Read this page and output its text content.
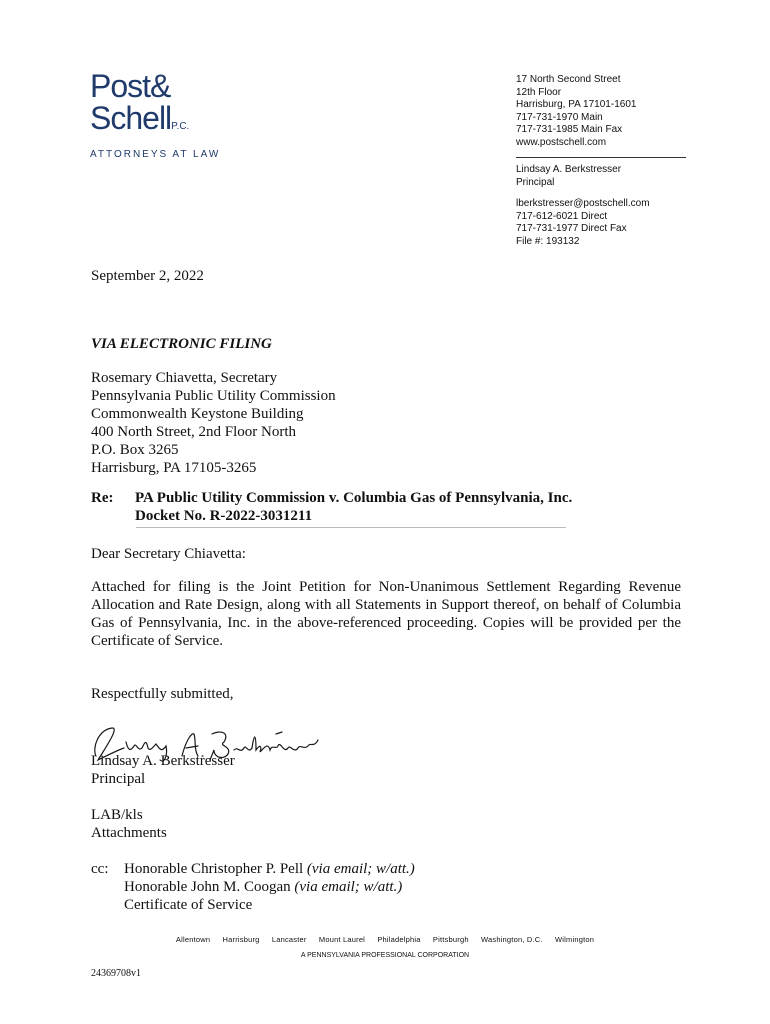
Post&
SchellP.C.
ATTORNEYS AT LAW
17 North Second Street
12th Floor
Harrisburg, PA 17101-1601
717-731-1970 Main
717-731-1985 Main Fax
www.postschell.com
Lindsay A. Berkstresser
Principal
lberkstresser@postschell.com
717-612-6021 Direct
717-731-1977 Direct Fax
File #: 193132
September 2, 2022
VIA ELECTRONIC FILING
Rosemary Chiavetta, Secretary
Pennsylvania Public Utility Commission
Commonwealth Keystone Building
400 North Street, 2nd Floor North
P.O. Box 3265
Harrisburg, PA 17105-3265
Re: PA Public Utility Commission v. Columbia Gas of Pennsylvania, Inc.
Docket No. R-2022-3031211
Dear Secretary Chiavetta:
Attached for filing is the Joint Petition for Non-Unanimous Settlement Regarding Revenue Allocation and Rate Design, along with all Statements in Support thereof, on behalf of Columbia Gas of Pennsylvania, Inc. in the above-referenced proceeding. Copies will be provided per the Certificate of Service.
Respectfully submitted,
Lindsay A. Berkstresser
Principal
LAB/kls
Attachments
cc: Honorable Christopher P. Pell (via email; w/att.)
Honorable John M. Coogan (via email; w/att.)
Certificate of Service
Allentown Harrisburg Lancaster Mount Laurel Philadelphia Pittsburgh Washington, D.C. Wilmington
A PENNSYLVANIA PROFESSIONAL CORPORATION
24369708v1
